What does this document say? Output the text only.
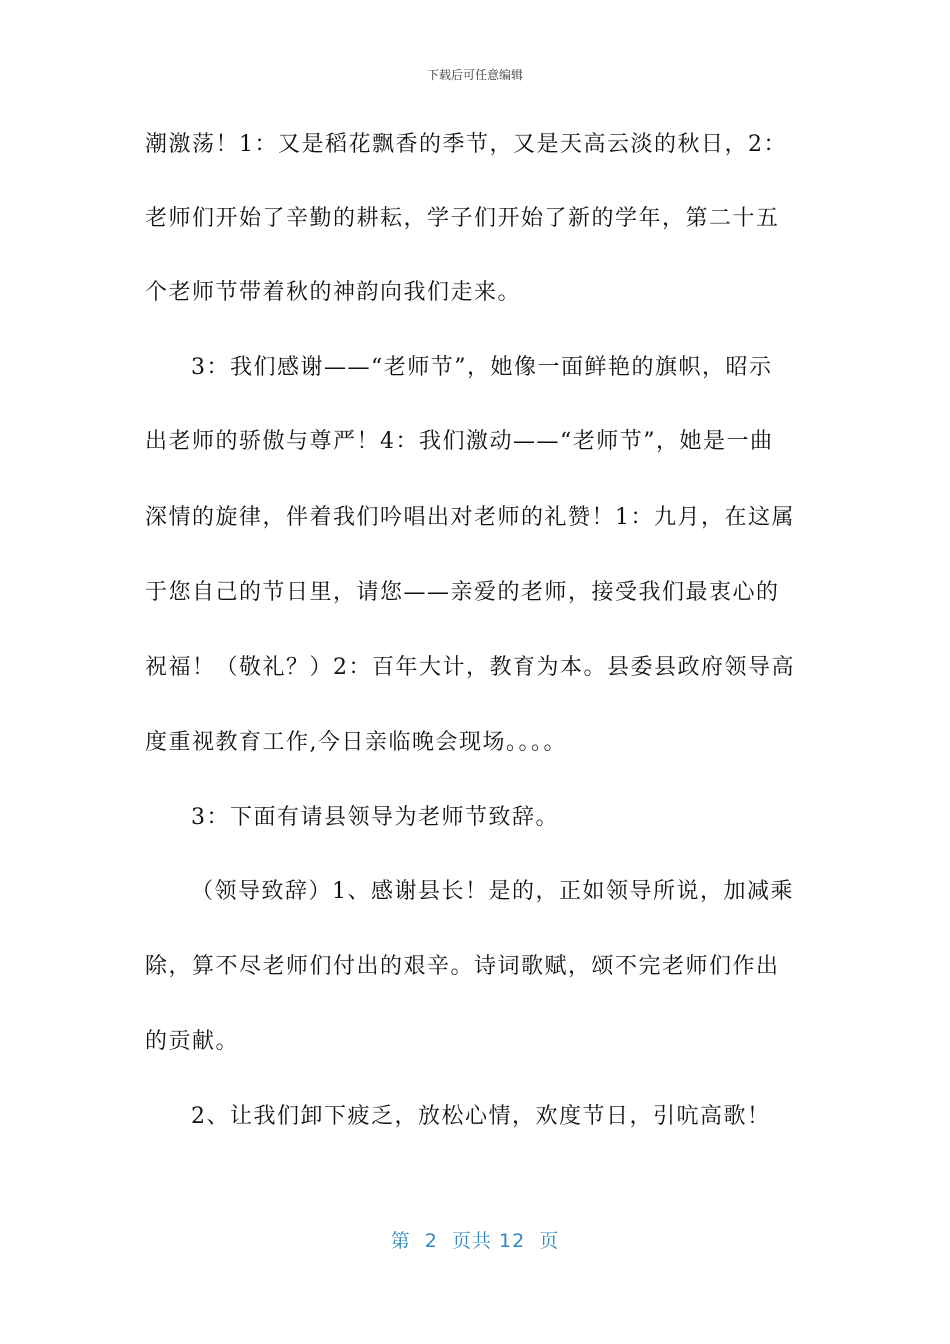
下载后可任意编辑
潮激荡！1：又是稻花飘香的季节，又是天高云淡的秋日，2：
老师们开始了辛勤的耕耘，学子们开始了新的学年，第二十五
个老师节带着秋的神韵向我们走来。
3：我们感谢——“老师节”，她像一面鲜艳的旗帜，昭示
出老师的骄傲与尊严！4：我们激动——“老师节”，她是一曲
深情的旋律，伴着我们吟唱出对老师的礼赞！1：九月，在这属
于您自己的节日里，请您——亲爱的老师，接受我们最衷心的
祝福！（敬礼？）2：百年大计，教育为本。县委县政府领导高
度重视教育工作,今日亲临晚会现场。。。。
3：下面有请县领导为老师节致辞。
（领导致辞）1、感谢县长！是的，正如领导所说，加减乘
除，算不尽老师们付出的艰辛。诗词歌赋，颂不完老师们作出
的贡献。
2、让我们卸下疲乏，放松心情，欢度节日，引吭高歌！
第  2  页共 12  页
